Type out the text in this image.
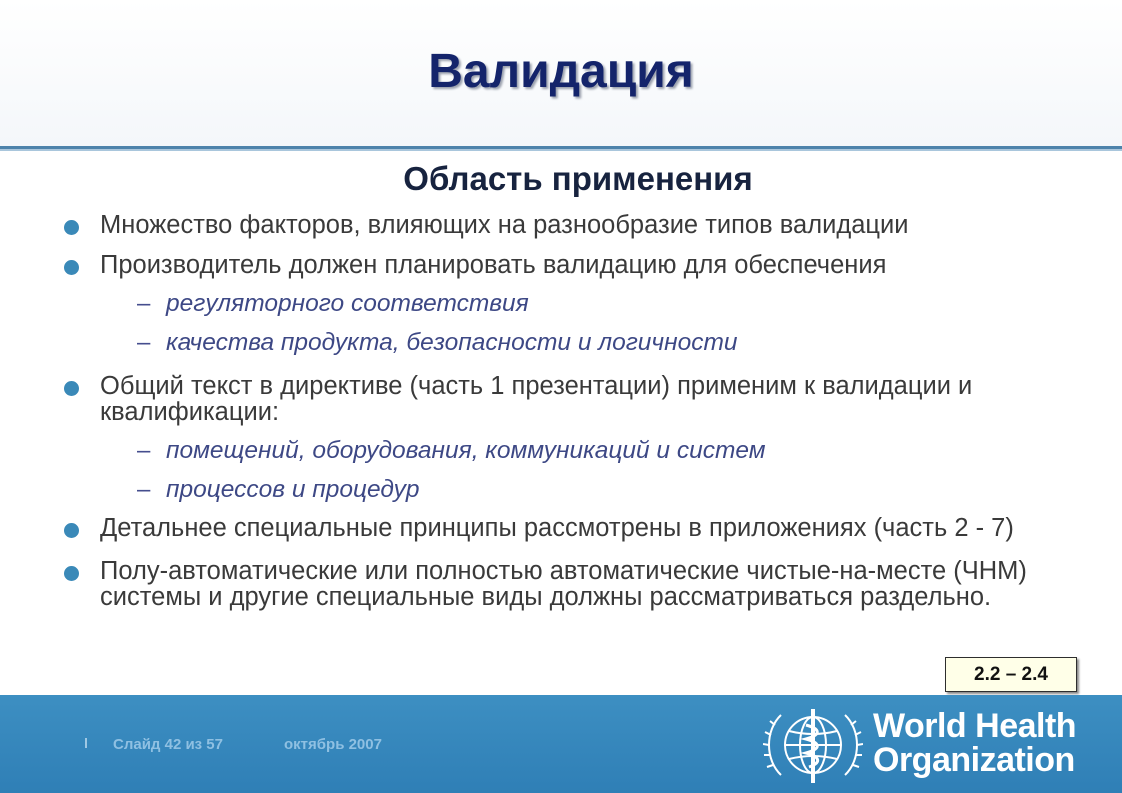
Валидация
Область применения
Множество факторов, влияющих на разнообразие типов валидации
Производитель должен планировать валидацию для обеспечения
– регуляторного соответствия
– качества продукта, безопасности и логичности
Общий текст в директиве (часть 1 презентации) применим к валидации и
квалификации:
– помещений, оборудования, коммуникаций и систем
– процессов и процедур
Детальнее специальные принципы рассмотрены в приложениях (часть 2 - 7)
Полу-автоматические или полностью автоматические чистые-на-месте (ЧНМ)
системы и другие специальные виды должны рассматриваться раздельно.
2.2 – 2.4
Слайд 42 из 57	октябрь 2007	World Health
Organization
